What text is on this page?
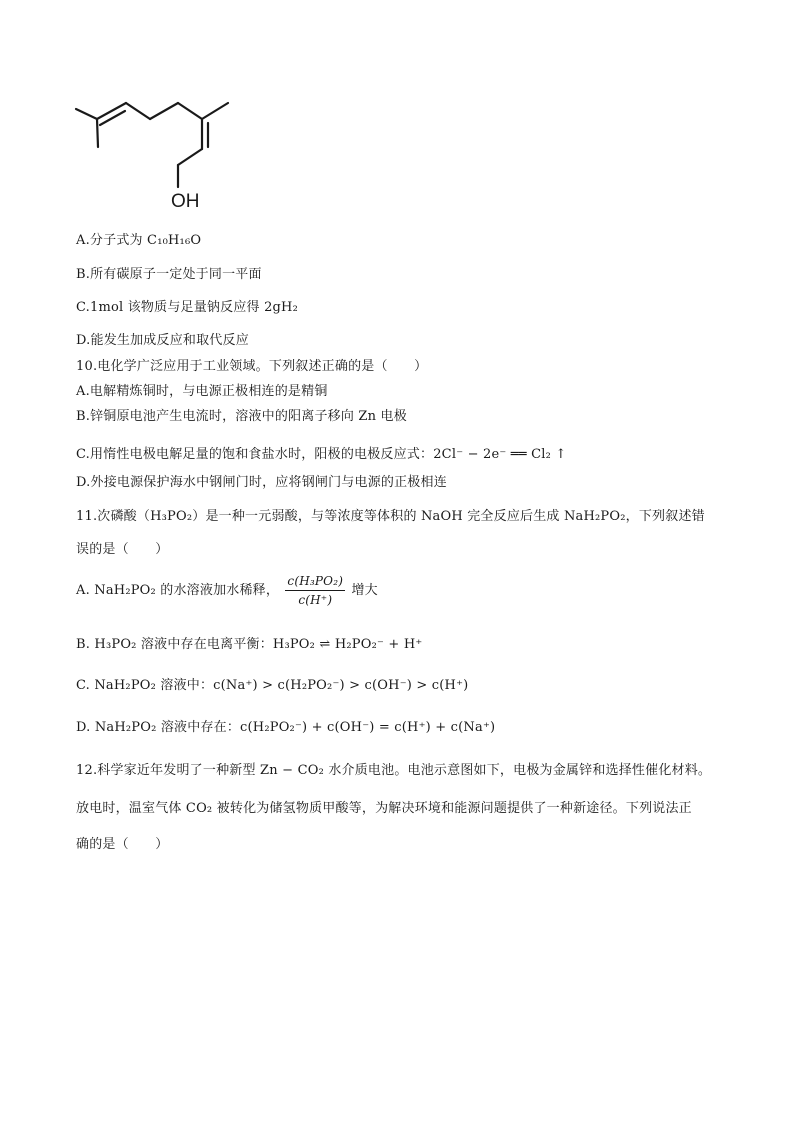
OH
A.分子式为 C₁₀H₁₆O
B.所有碳原子一定处于同一平面
C.1mol 该物质与足量钠反应得 2gH₂
D.能发生加成反应和取代反应
10.电化学广泛应用于工业领域。下列叙述正确的是（　　）
A.电解精炼铜时，与电源正极相连的是精铜
B.锌铜原电池产生电流时，溶液中的阳离子移向 Zn 电极
C.用惰性电极电解足量的饱和食盐水时，阳极的电极反应式：2Cl⁻ − 2e⁻ ══ Cl₂ ↑
D.外接电源保护海水中钢闸门时，应将钢闸门与电源的正极相连
11.次磷酸（H₃PO₂）是一种一元弱酸，与等浓度等体积的 NaOH 完全反应后生成 NaH₂PO₂，下列叙述错
误的是（　　）
A. NaH₂PO₂ 的水溶液加水稀释， $\frac{\text{c(H₃PO₂)}}{c(H^+)}$ 增大
B. H₃PO₂ 溶液中存在电离平衡：H₃PO₂ ⇌ H₂PO₂⁻ + H⁺
C. NaH₂PO₂ 溶液中：c(Na⁺) > c(H₂PO₂⁻) > c(OH⁻) > c(H⁺)
D. NaH₂PO₂ 溶液中存在：c(H₂PO₂⁻) + c(OH⁻) = c(H⁺) + c(Na⁺)
12.科学家近年发明了一种新型 Zn − CO₂ 水介质电池。电池示意图如下，电极为金属锌和选择性催化材料。
放电时，温室气体 CO₂ 被转化为储氢物质甲酸等，为解决环境和能源问题提供了一种新途径。下列说法正
确的是（　　）
